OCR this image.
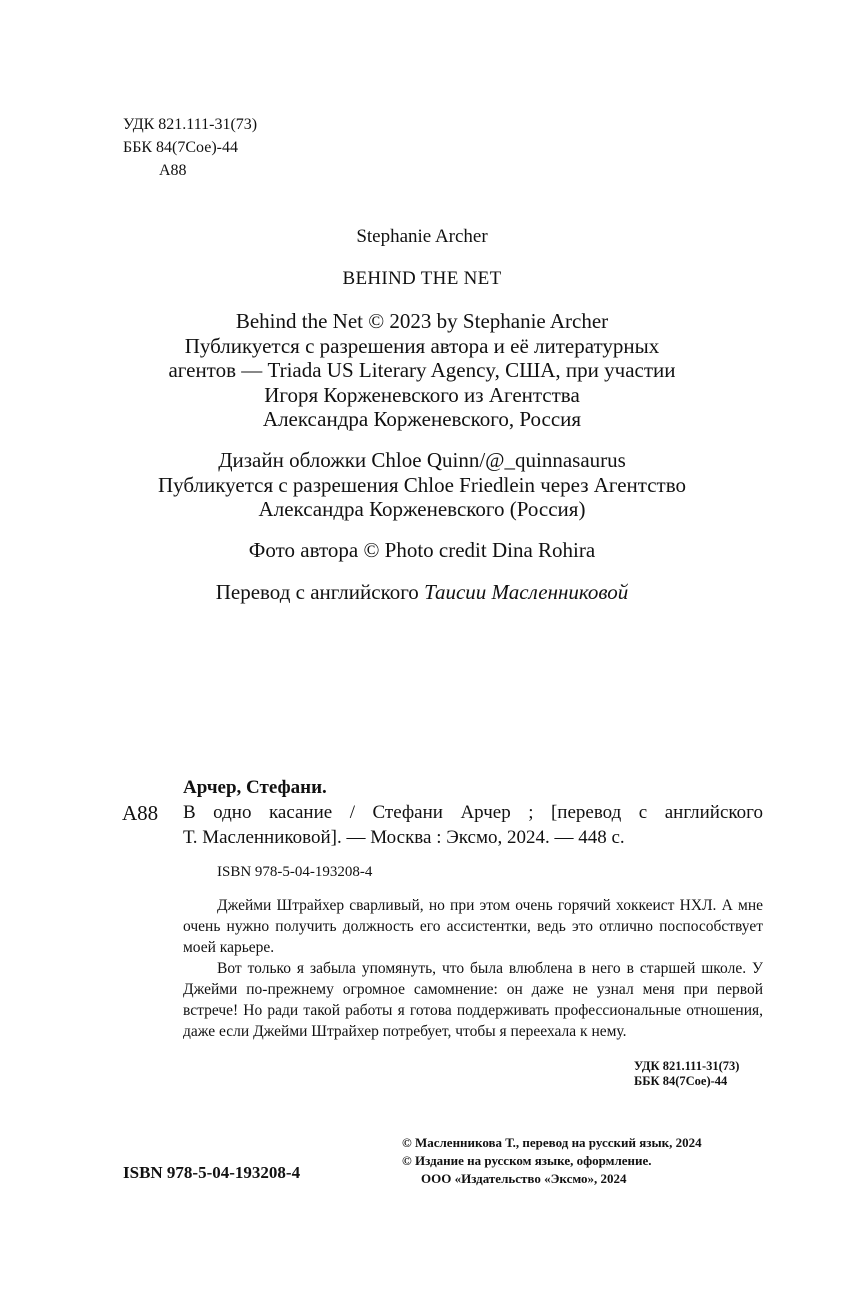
УДК 821.111-31(73)
ББК 84(7Сое)-44
А88
Stephanie Archer
BEHIND THE NET
Behind the Net © 2023 by Stephanie Archer
Публикуется с разрешения автора и её литературных
агентов — Triada US Literary Agency, США, при участии
Игоря Корженевского из Агентства
Александра Корженевского, Россия
Дизайн обложки Chloe Quinn/@_quinnasaurus
Публикуется с разрешения Chloe Friedlein через Агентство
Александра Корженевского (Россия)
Фото автора © Photo credit Dina Rohira
Перевод с английского Таисии Масленниковой
Арчер, Стефани.
А88 В одно касание / Стефани Арчер ; [перевод с английского
Т. Масленниковой]. — Москва : Эксмо, 2024. — 448 с.
ISBN 978-5-04-193208-4

Джейми Штрайхер сварливый, но при этом очень горячий хоккеист НХЛ. А мне очень нужно получить должность его ассистентки, ведь это отлично поспособствует моей карьере.

Вот только я забыла упомянуть, что была влюблена в него в старшей школе. У Джейми по-прежнему огромное самомнение: он даже не узнал меня при первой встрече! Но ради такой работы я готова поддерживать профессиональные отношения, даже если Джейми Штрайхер потребует, чтобы я переехала к нему.

УДК 821.111-31(73)
ББК 84(7Сое)-44
© Масленникова Т., перевод на русский язык, 2024
© Издание на русском языке, оформление.
ООО «Издательство «Эксмо», 2024
ISBN 978-5-04-193208-4
